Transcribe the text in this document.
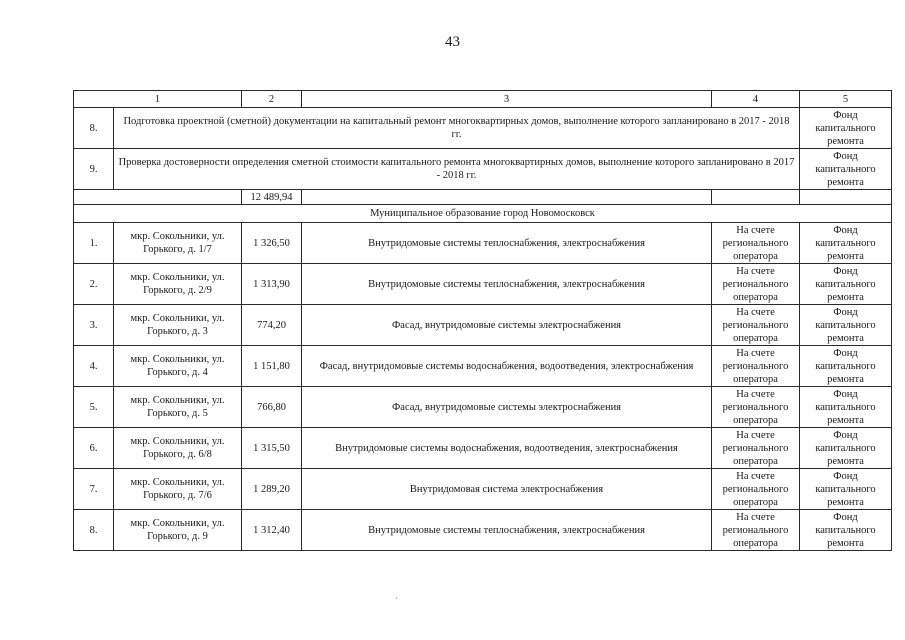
43
1		2	3	4	5
8.	Подготовка проектной (сметной) документации на капитальный ремонт многоквартирных домов, выполнение которого запланировано в 2017 - 2018 гг.				Фонд капитального ремонта
9.	Проверка достоверности определения сметной стоимости капитального ремонта многоквартирных домов, выполнение которого запланировано в 2017 - 2018 гг.				Фонд капитального ремонта
		12 489,94			
Муниципальное образование город Новомосковск					
1.	мкр. Сокольники, ул. Горького, д. 1/7	1 326,50	Внутридомовые системы теплоснабжения, электроснабжения	На счете регионального оператора	Фонд капитального ремонта
2.	мкр. Сокольники, ул. Горького, д. 2/9	1 313,90	Внутридомовые системы теплоснабжения, электроснабжения	На счете регионального оператора	Фонд капитального ремонта
3.	мкр. Сокольники, ул. Горького, д. 3	774,20	Фасад, внутридомовые системы электроснабжения	На счете регионального оператора	Фонд капитального ремонта
4.	мкр. Сокольники, ул. Горького, д. 4	1 151,80	Фасад, внутридомовые системы водоснабжения, водоотведения, электроснабжения	На счете регионального оператора	Фонд капитального ремонта
5.	мкр. Сокольники, ул. Горького, д. 5	766,80	Фасад, внутридомовые системы электроснабжения	На счете регионального оператора	Фонд капитального ремонта
6.	мкр. Сокольники, ул. Горького, д. 6/8	1 315,50	Внутридомовые системы водоснабжения, водоотведения, электроснабжения	На счете регионального оператора	Фонд капитального ремонта
7.	мкр. Сокольники, ул. Горького, д. 7/6	1 289,20	Внутридомовая система электроснабжения	На счете регионального оператора	Фонд капитального ремонта
8.	мкр. Сокольники, ул. Горького, д. 9	1 312,40	Внутридомовые системы теплоснабжения, электроснабжения	На счете регионального оператора	Фонд капитального ремонта
´
